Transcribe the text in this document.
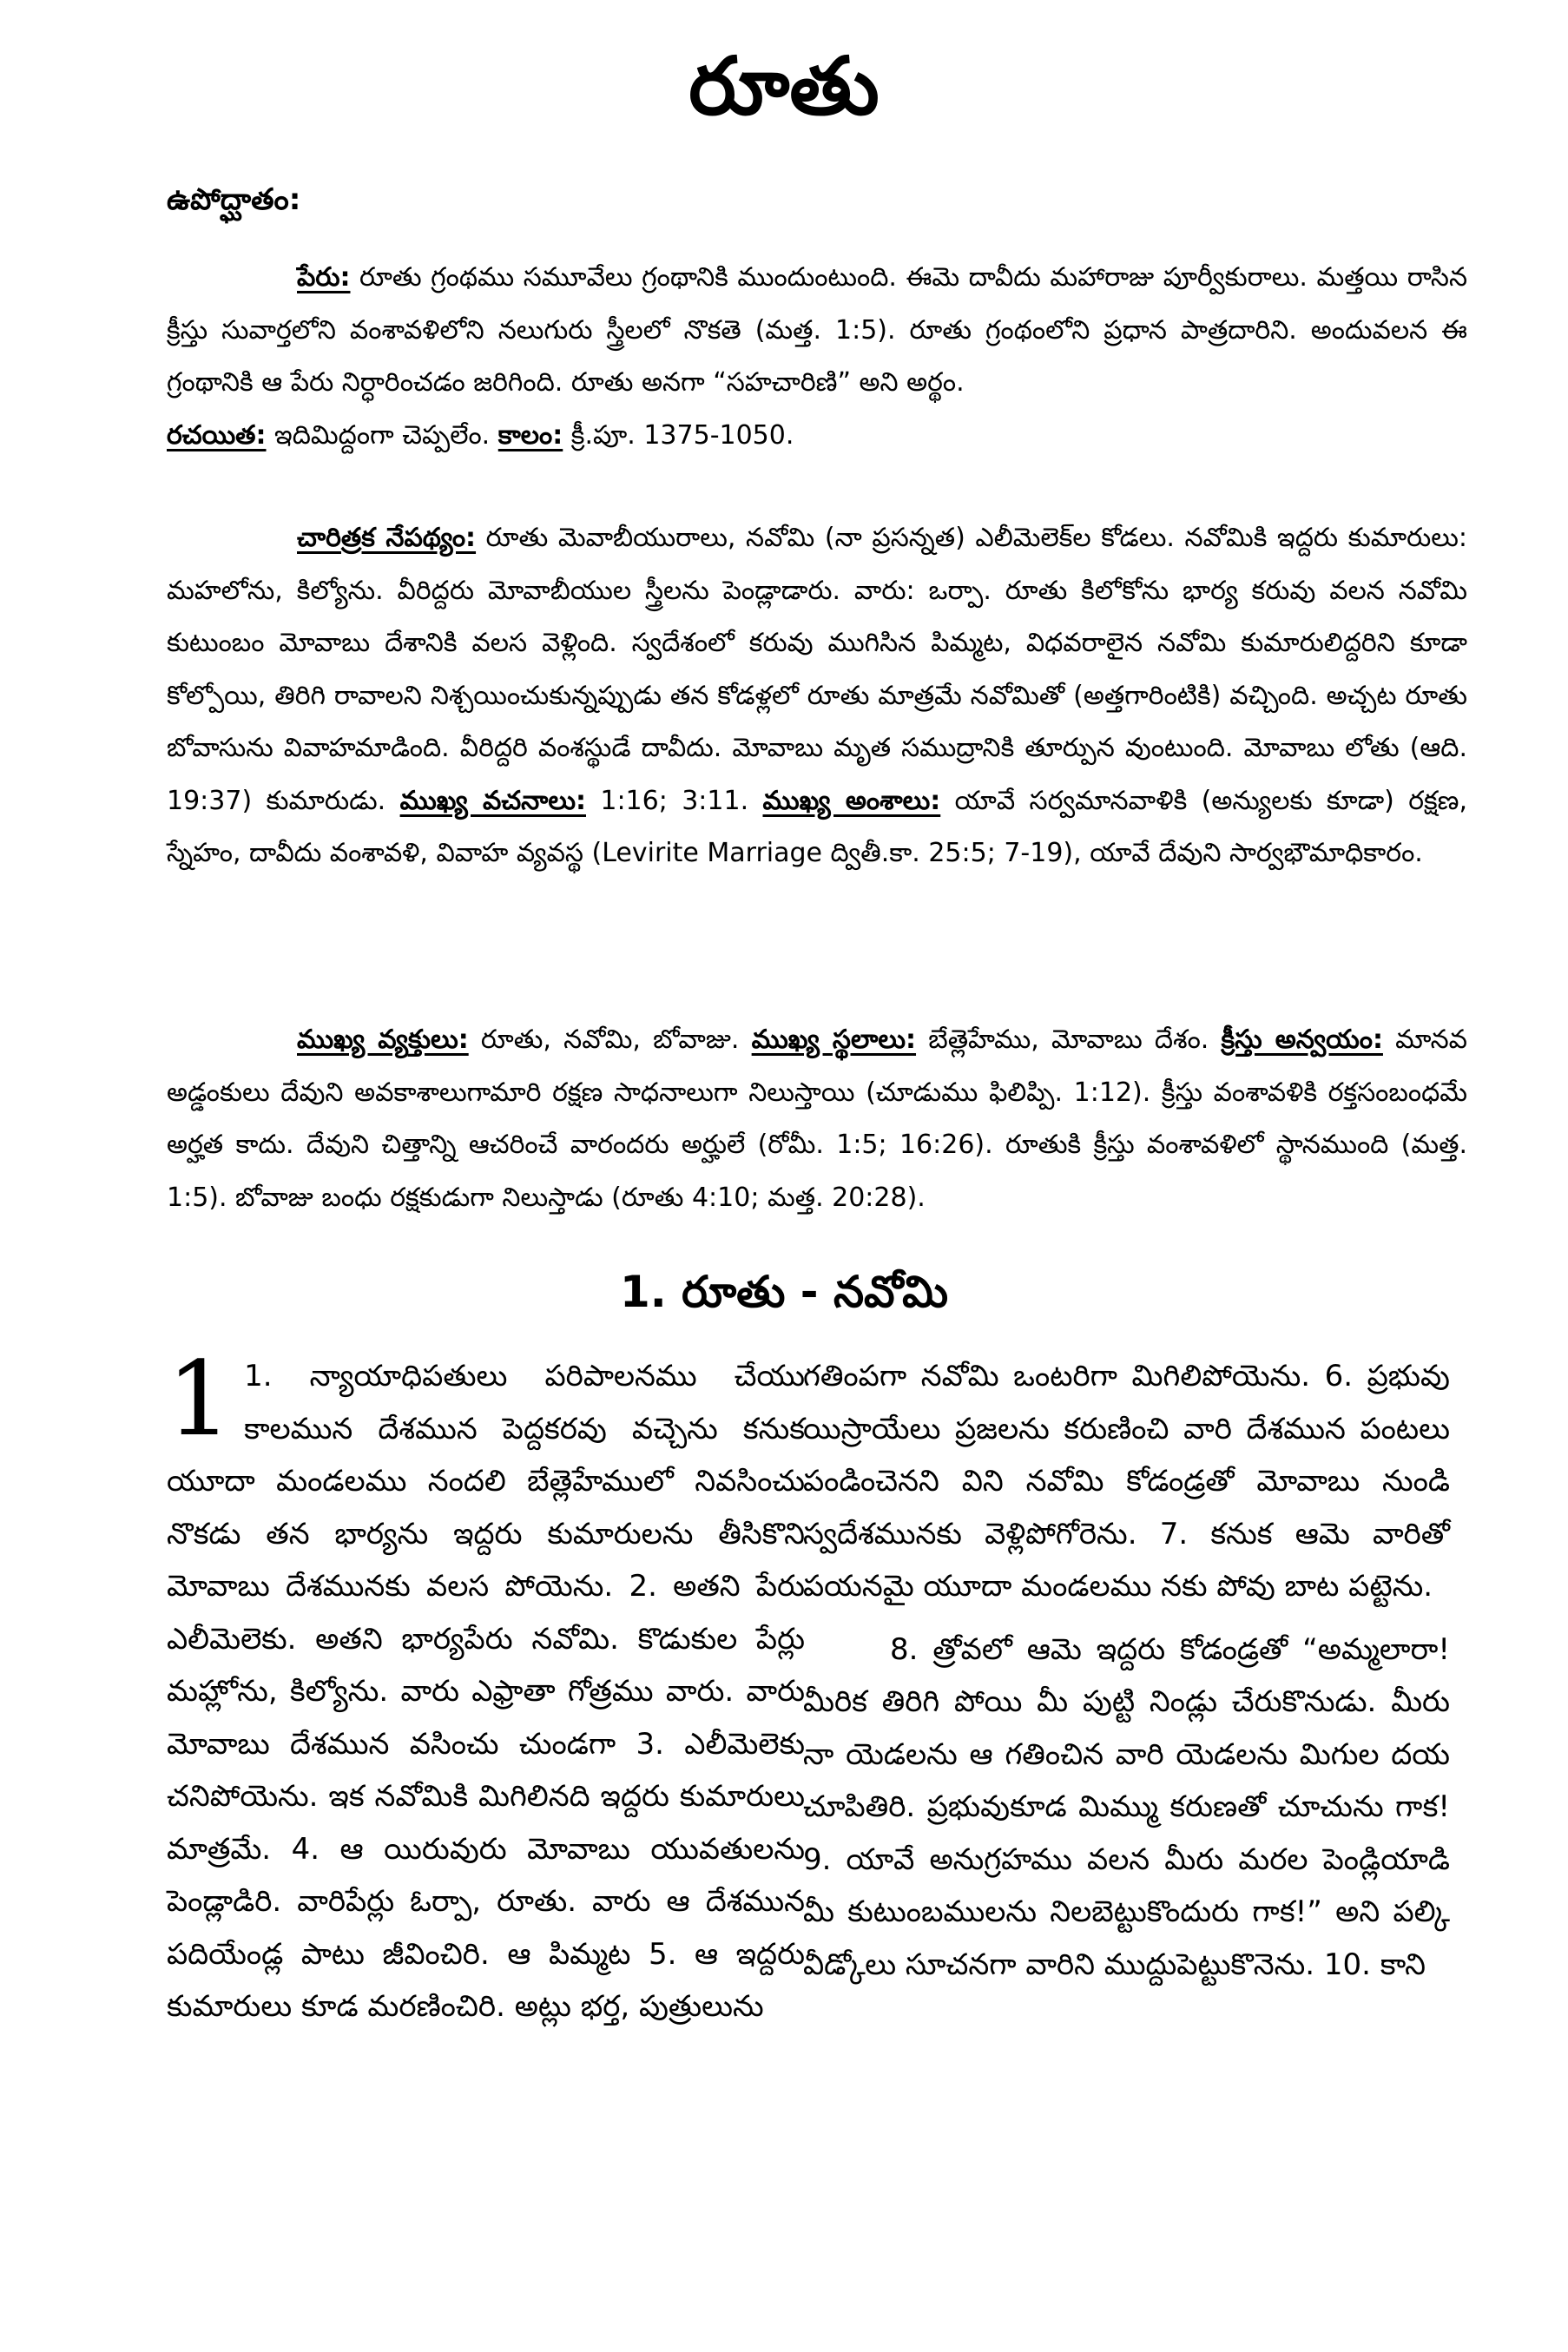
రూతు
ఉపోద్ఘాతం:

పేరు: రూతు గ్రంథము సమూవేలు గ్రంథానికి ముందుంటుంది. ఈమె దావీదు మహారాజు పూర్వీకురాలు. మత్తయి రాసిన క్రీస్తు సువార్తలోని వంశావళిలోని నలుగురు స్త్రీలలో నొకతె (మత్త. 1:5). రూతు గ్రంథంలోని ప్రధాన పాత్రదారిని. అందువలన ఈ గ్రంథానికి ఆ పేరు నిర్ధారించడం జరిగింది. రూతు అనగా “సహచారిణి” అని అర్థం.

రచయిత: ఇదిమిద్దంగా చెప్పలేం. కాలం: క్రీ.పూ. 1375-1050.

చారిత్రక నేపథ్యం: రూతు మెవాబీయురాలు, నవోమి (నా ప్రసన్నత) ఎలీమెలెక్‌ల కోడలు. నవోమికి ఇద్దరు కుమారులు: మహలోను, కిల్యోను. వీరిద్దరు మోవాబీయుల స్త్రీలను పెండ్లాడారు. వారు: ఒర్పా. రూతు కిలోకోను భార్య కరువు వలన నవోమి కుటుంబం మోవాబు దేశానికి వలస వెళ్లింది. స్వదేశంలో కరువు ముగిసిన పిమ్మట, విధవరాలైన నవోమి కుమారులిద్దరిని కూడా కోల్పోయి, తిరిగి రావాలని నిశ్చయించుకున్నప్పుడు తన కోడళ్లలో రూతు మాత్రమే నవోమితో (అత్తగారింటికి) వచ్చింది. అచ్చట రూతు బోవాసును వివాహమాడింది. వీరిద్దరి వంశస్థుడే దావీదు. మోవాబు మృత సముద్రానికి తూర్పున వుంటుంది. మోవాబు లోతు (ఆది. 19:37) కుమారుడు. ముఖ్య వచనాలు: 1:16; 3:11. ముఖ్య అంశాలు: యావే సర్వమానవాళికి (అన్యులకు కూడా) రక్షణ, స్నేహం, దావీదు వంశావళి, వివాహ వ్యవస్థ (Levirite Marriage ద్వితీ.కా. 25:5; 7-19), యావే దేవుని సార్వభౌమాధికారం.

ముఖ్య వ్యక్తులు: రూతు, నవోమి, బోవాజు. ముఖ్య స్థలాలు: బేత్లెహేము, మోవాబు దేశం. క్రీస్తు అన్వయం: మానవ అడ్డంకులు దేవుని అవకాశాలుగామారి రక్షణ సాధనాలుగా నిలుస్తాయి (చూడుము ఫిలిప్పి. 1:12). క్రీస్తు వంశావళికి రక్తసంబంధమే అర్హత కాదు. దేవుని చిత్తాన్ని ఆచరించే వారందరు అర్హులే (రోమీ. 1:5; 16:26). రూతుకి క్రీస్తు వంశావళిలో స్థానముంది (మత్త. 1:5). బోవాజు బంధు రక్షకుడుగా నిలుస్తాడు (రూతు 4:10; మత్త. 20:28).

1. రూతు - నవోమి

1 1. న్యాయాధిపతులు పరిపాలనము చేయు కాలమున దేశమున పెద్దకరవు వచ్చెను కనుక యూదా మండలము నందలి బేత్లెహేములో నివసించు నొకడు తన భార్యను ఇద్దరు కుమారులను తీసికొని మోవాబు దేశమునకు వలస పోయెను. 2. అతని పేరు ఎలీమెలెకు. అతని భార్యపేరు నవోమి. కొడుకుల పేర్లు మహ్లోను, కిల్యోను. వారు ఎఫ్రాతా గోత్రము వారు. వారు మోవాబు దేశమున వసించు చుండగా 3. ఎలీమెలెకు చనిపోయెను. ఇక నవోమికి మిగిలినది ఇద్దరు కుమారులు మాత్రమే. 4. ఆ యిరువురు మోవాబు యువతులను పెండ్లాడిరి. వారిపేర్లు ఓర్పా, రూతు. వారు ఆ దేశమున పదియేండ్ల పాటు జీవించిరి. ఆ పిమ్మట 5. ఆ ఇద్దరు కుమారులు కూడ మరణించిరి. అట్లు భర్త, పుత్రులును

గతింపగా నవోమి ఒంటరిగా మిగిలిపోయెను. 6. ప్రభువు యిస్రాయేలు ప్రజలను కరుణించి వారి దేశమున పంటలు పండించెనని విని నవోమి కోడండ్రతో మోవాబు నుండి స్వదేశమునకు వెళ్లిపోగోరెను. 7. కనుక ఆమె వారితో పయనమై యూదా మండలము నకు పోవు బాట పట్టెను.

8. త్రోవలో ఆమె ఇద్దరు కోడండ్రతో “అమ్మలారా! మీరిక తిరిగి పోయి మీ పుట్టి నిండ్లు చేరుకొనుడు. మీరు నా యెడలను ఆ గతించిన వారి యెడలను మిగుల దయ చూపితిరి. ప్రభువుకూడ మిమ్ము కరుణతో చూచును గాక! 9. యావే అనుగ్రహము వలన మీరు మరల పెండ్లియాడి మీ కుటుంబములను నిలబెట్టుకొందురు గాక!” అని పల్కి వీడ్కోలు సూచనగా వారిని ముద్దుపెట్టుకొనెను. 10. కాని
